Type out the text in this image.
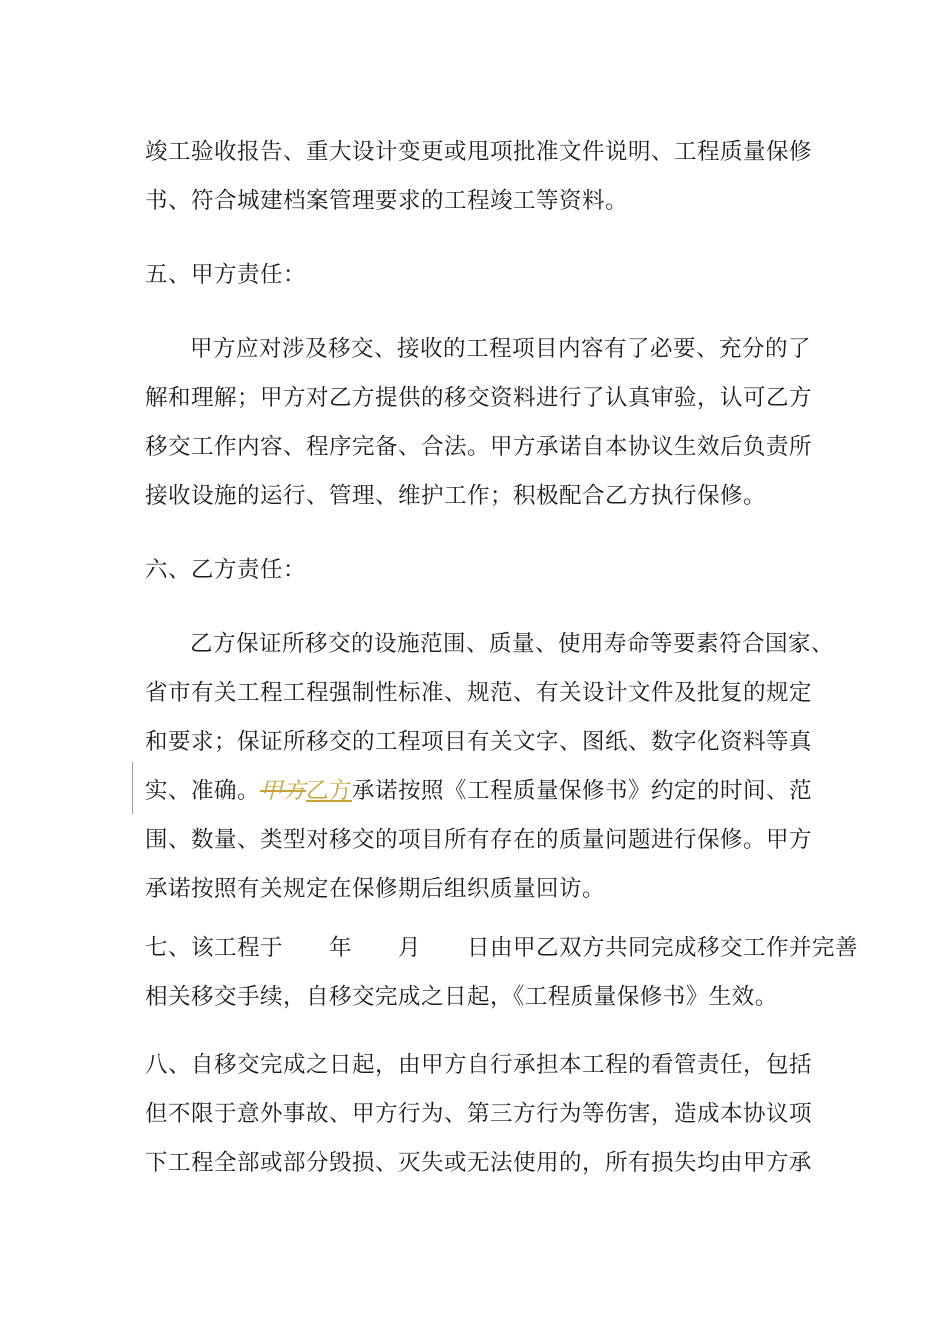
竣工验收报告、重大设计变更或甩项批准文件说明、工程质量保修
书、符合城建档案管理要求的工程竣工等资料。
五、甲方责任：
甲方应对涉及移交、接收的工程项目内容有了必要、充分的了
解和理解；甲方对乙方提供的移交资料进行了认真审验，认可乙方
移交工作内容、程序完备、合法。甲方承诺自本协议生效后负责所
接收设施的运行、管理、维护工作；积极配合乙方执行保修。
六、乙方责任：
乙方保证所移交的设施范围、质量、使用寿命等要素符合国家、
省市有关工程工程强制性标准、规范、有关设计文件及批复的规定
和要求；保证所移交的工程项目有关文字、图纸、数字化资料等真
实、准确。甲方乙方承诺按照《工程质量保修书》约定的时间、范
围、数量、类型对移交的项目所有存在的质量问题进行保修。甲方
承诺按照有关规定在保修期后组织质量回访。
七、该工程于　　年　　月　　日由甲乙双方共同完成移交工作并完善
相关移交手续，自移交完成之日起，《工程质量保修书》生效。
八、自移交完成之日起，由甲方自行承担本工程的看管责任，包括
但不限于意外事故、甲方行为、第三方行为等伤害，造成本协议项
下工程全部或部分毁损、灭失或无法使用的，所有损失均由甲方承
